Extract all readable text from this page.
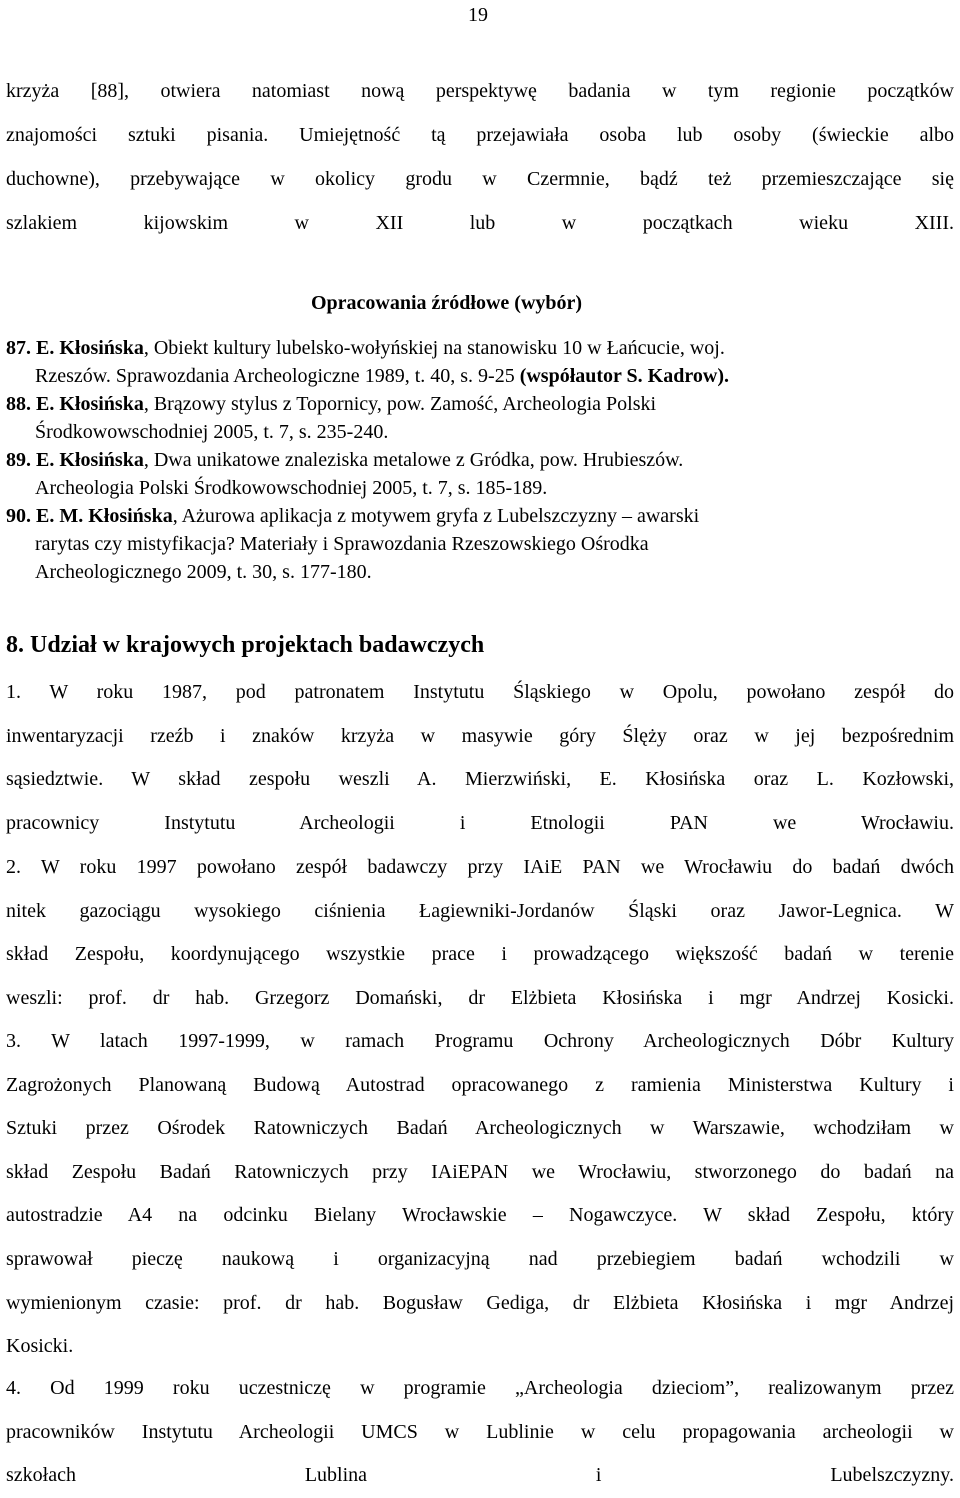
19
krzyża [88], otwiera natomiast nową perspektywę badania w tym regionie początków
znajomości sztuki pisania. Umiejętność tą przejawiała osoba lub osoby (świeckie albo
duchowne), przebywające w okolicy grodu w Czermnie, bądź też przemieszczające się
szlakiem kijowskim w XII lub w początkach wieku XIII.
Opracowania źródłowe (wybór)
87. E. Kłosińska, Obiekt kultury lubelsko-wołyńskiej na stanowisku 10 w Łańcucie, woj.
Rzeszów. Sprawozdania Archeologiczne 1989, t. 40, s. 9-25 (współautor S. Kadrow).
88. E. Kłosińska, Brązowy stylus z Topornicy, pow. Zamość, Archeologia Polski
Środkowowschodniej 2005, t. 7, s. 235-240.
89. E. Kłosińska, Dwa unikatowe znaleziska metalowe z Gródka, pow. Hrubieszów.
Archeologia Polski Środkowowschodniej 2005, t. 7, s. 185-189.
90. E. M. Kłosińska, Ażurowa aplikacja z motywem gryfa z Lubelszczyzny – awarski
rarytas czy mistyfikacja? Materiały i Sprawozdania Rzeszowskiego Ośrodka
Archeologicznego 2009, t. 30, s. 177-180.
8. Udział w krajowych projektach badawczych
1. W roku 1987, pod patronatem Instytutu Śląskiego w Opolu, powołano zespół do
inwentaryzacji rzeźb i znaków krzyża w masywie góry Ślęży oraz w jej bezpośrednim
sąsiedztwie. W skład zespołu weszli A. Mierzwiński, E. Kłosińska oraz L. Kozłowski,
pracownicy Instytutu Archeologii i Etnologii PAN we Wrocławiu.
2. W roku 1997 powołano zespół badawczy przy IAiE PAN we Wrocławiu do badań dwóch
nitek gazociągu wysokiego ciśnienia Łagiewniki-Jordanów Śląski oraz Jawor-Legnica. W
skład Zespołu, koordynującego wszystkie prace i prowadzącego większość badań w terenie
weszli: prof. dr hab. Grzegorz Domański, dr Elżbieta Kłosińska i mgr Andrzej Kosicki.
3. W latach 1997-1999, w ramach Programu Ochrony Archeologicznych Dóbr Kultury
Zagrożonych Planowaną Budową Autostrad opracowanego z ramienia Ministerstwa Kultury i
Sztuki przez Ośrodek Ratowniczych Badań Archeologicznych w Warszawie, wchodziłam w
skład Zespołu Badań Ratowniczych przy IAiEPAN we Wrocławiu, stworzonego do badań na
autostradzie A4 na odcinku Bielany Wrocławskie – Nogawczyce. W skład Zespołu, który
sprawował pieczę naukową i organizacyjną nad przebiegiem badań wchodzili w
wymienionym czasie: prof. dr hab. Bogusław Gediga, dr Elżbieta Kłosińska i mgr Andrzej
Kosicki.
4. Od 1999 roku uczestniczę w programie „Archeologia dzieciom”, realizowanym przez
pracowników Instytutu Archeologii UMCS w Lublinie w celu propagowania archeologii w
szkołach Lublina i Lubelszczyzny.
